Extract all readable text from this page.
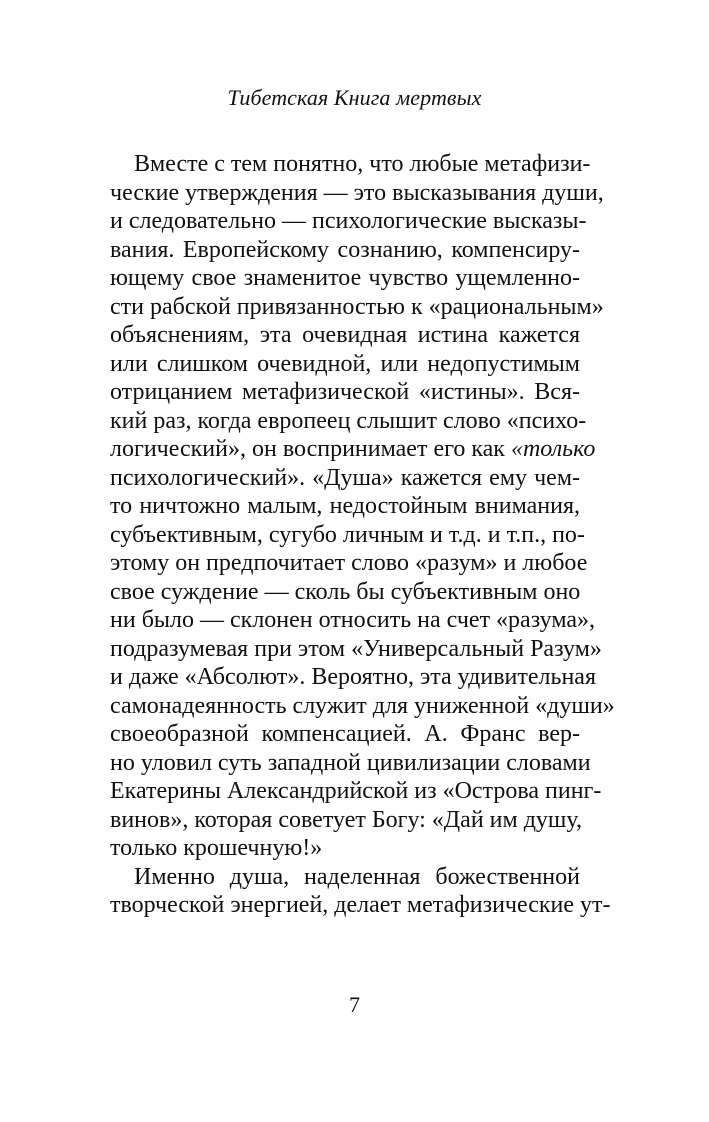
Тибетская Книга мертвых
Вместе с тем понятно, что любые метафизи-
ческие утверждения — это высказывания души,
и следовательно — психологические высказы-
вания. Европейскому сознанию, компенсиру-
ющему свое знаменитое чувство ущемленно-
сти рабской привязанностью к «рациональным»
объяснениям, эта очевидная истина кажется
или слишком очевидной, или недопустимым
отрицанием метафизической «истины». Вся-
кий раз, когда европеец слышит слово «психо-
логический», он воспринимает его как «только
психологический». «Душа» кажется ему чем-
то ничтожно малым, недостойным внимания,
субъективным, сугубо личным и т.д. и т.п., по-
этому он предпочитает слово «разум» и любое
свое суждение — сколь бы субъективным оно
ни было — склонен относить на счет «разума»,
подразумевая при этом «Универсальный Разум»
и даже «Абсолют». Вероятно, эта удивительная
самонадеянность служит для униженной «души»
своеобразной компенсацией. А. Франс вер-
но уловил суть западной цивилизации словами
Екатерины Александрийской из «Острова пинг-
винов», которая советует Богу: «Дай им душу,
только крошечную!»
Именно душа, наделенная божественной
творческой энергией, делает метафизические ут-
7
